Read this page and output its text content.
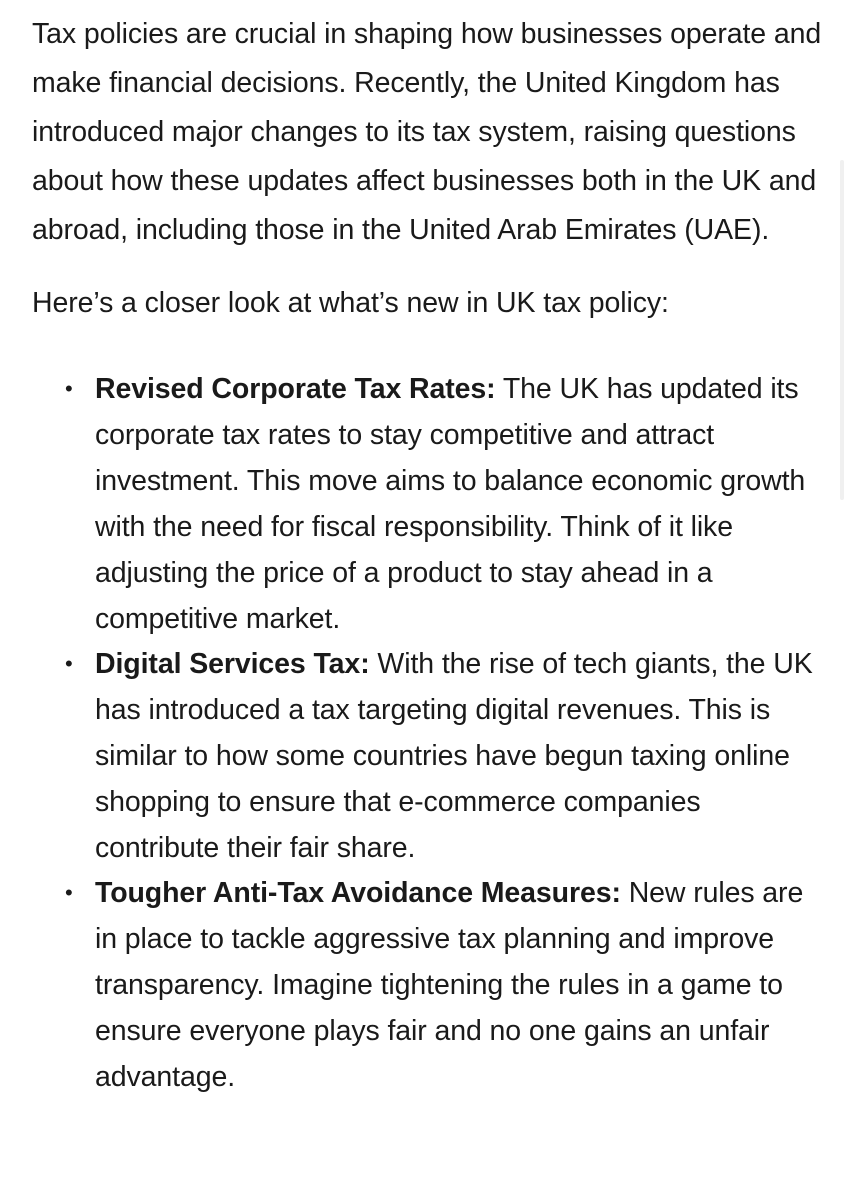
Tax policies are crucial in shaping how businesses operate and make financial decisions. Recently, the United Kingdom has introduced major changes to its tax system, raising questions about how these updates affect businesses both in the UK and abroad, including those in the United Arab Emirates (UAE).

Here’s a closer look at what’s new in UK tax policy:

• Revised Corporate Tax Rates: The UK has updated its corporate tax rates to stay competitive and attract investment. This move aims to balance economic growth with the need for fiscal responsibility. Think of it like adjusting the price of a product to stay ahead in a competitive market.
• Digital Services Tax: With the rise of tech giants, the UK has introduced a tax targeting digital revenues. This is similar to how some countries have begun taxing online shopping to ensure that e-commerce companies contribute their fair share.
• Tougher Anti-Tax Avoidance Measures: New rules are in place to tackle aggressive tax planning and improve transparency. Imagine tightening the rules in a game to ensure everyone plays fair and no one gains an unfair advantage.
